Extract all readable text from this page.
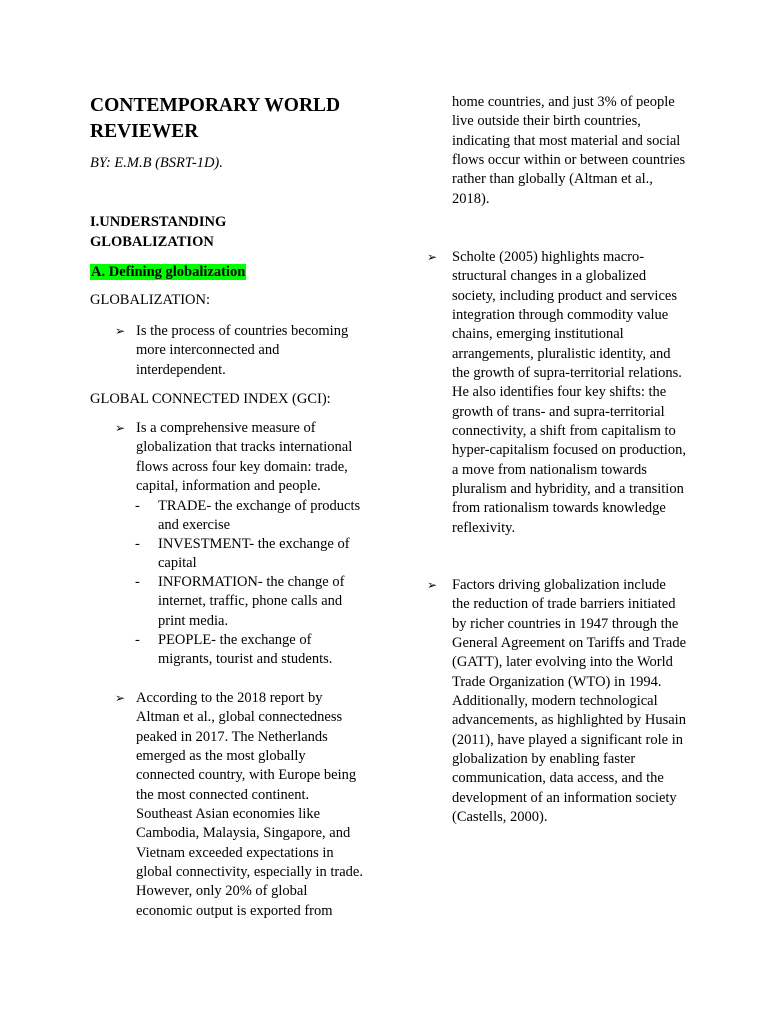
CONTEMPORARY WORLD REVIEWER
BY: E.M.B (BSRT-1D).
I.UNDERSTANDING GLOBALIZATION
A. Defining globalization
GLOBALIZATION:
➢ Is the process of countries becoming more interconnected and interdependent.
GLOBAL CONNECTED INDEX (GCI):
➢ Is a comprehensive measure of globalization that tracks international flows across four key domain: trade, capital, information and people.
- TRADE- the exchange of products and exercise
- INVESTMENT- the exchange of capital
- INFORMATION- the change of internet, traffic, phone calls and print media.
- PEOPLE- the exchange of migrants, tourist and students.
➢ According to the 2018 report by Altman et al., global connectedness peaked in 2017. The Netherlands emerged as the most globally connected country, with Europe being the most connected continent. Southeast Asian economies like Cambodia, Malaysia, Singapore, and Vietnam exceeded expectations in global connectivity, especially in trade. However, only 20% of global economic output is exported from
home countries, and just 3% of people live outside their birth countries, indicating that most material and social flows occur within or between countries rather than globally (Altman et al., 2018).
➢ Scholte (2005) highlights macro-structural changes in a globalized society, including product and services integration through commodity value chains, emerging institutional arrangements, pluralistic identity, and the growth of supra-territorial relations. He also identifies four key shifts: the growth of trans- and supra-territorial connectivity, a shift from capitalism to hyper-capitalism focused on production, a move from nationalism towards pluralism and hybridity, and a transition from rationalism towards knowledge reflexivity.
➢ Factors driving globalization include the reduction of trade barriers initiated by richer countries in 1947 through the General Agreement on Tariffs and Trade (GATT), later evolving into the World Trade Organization (WTO) in 1994. Additionally, modern technological advancements, as highlighted by Husain (2011), have played a significant role in globalization by enabling faster communication, data access, and the development of an information society (Castells, 2000).
